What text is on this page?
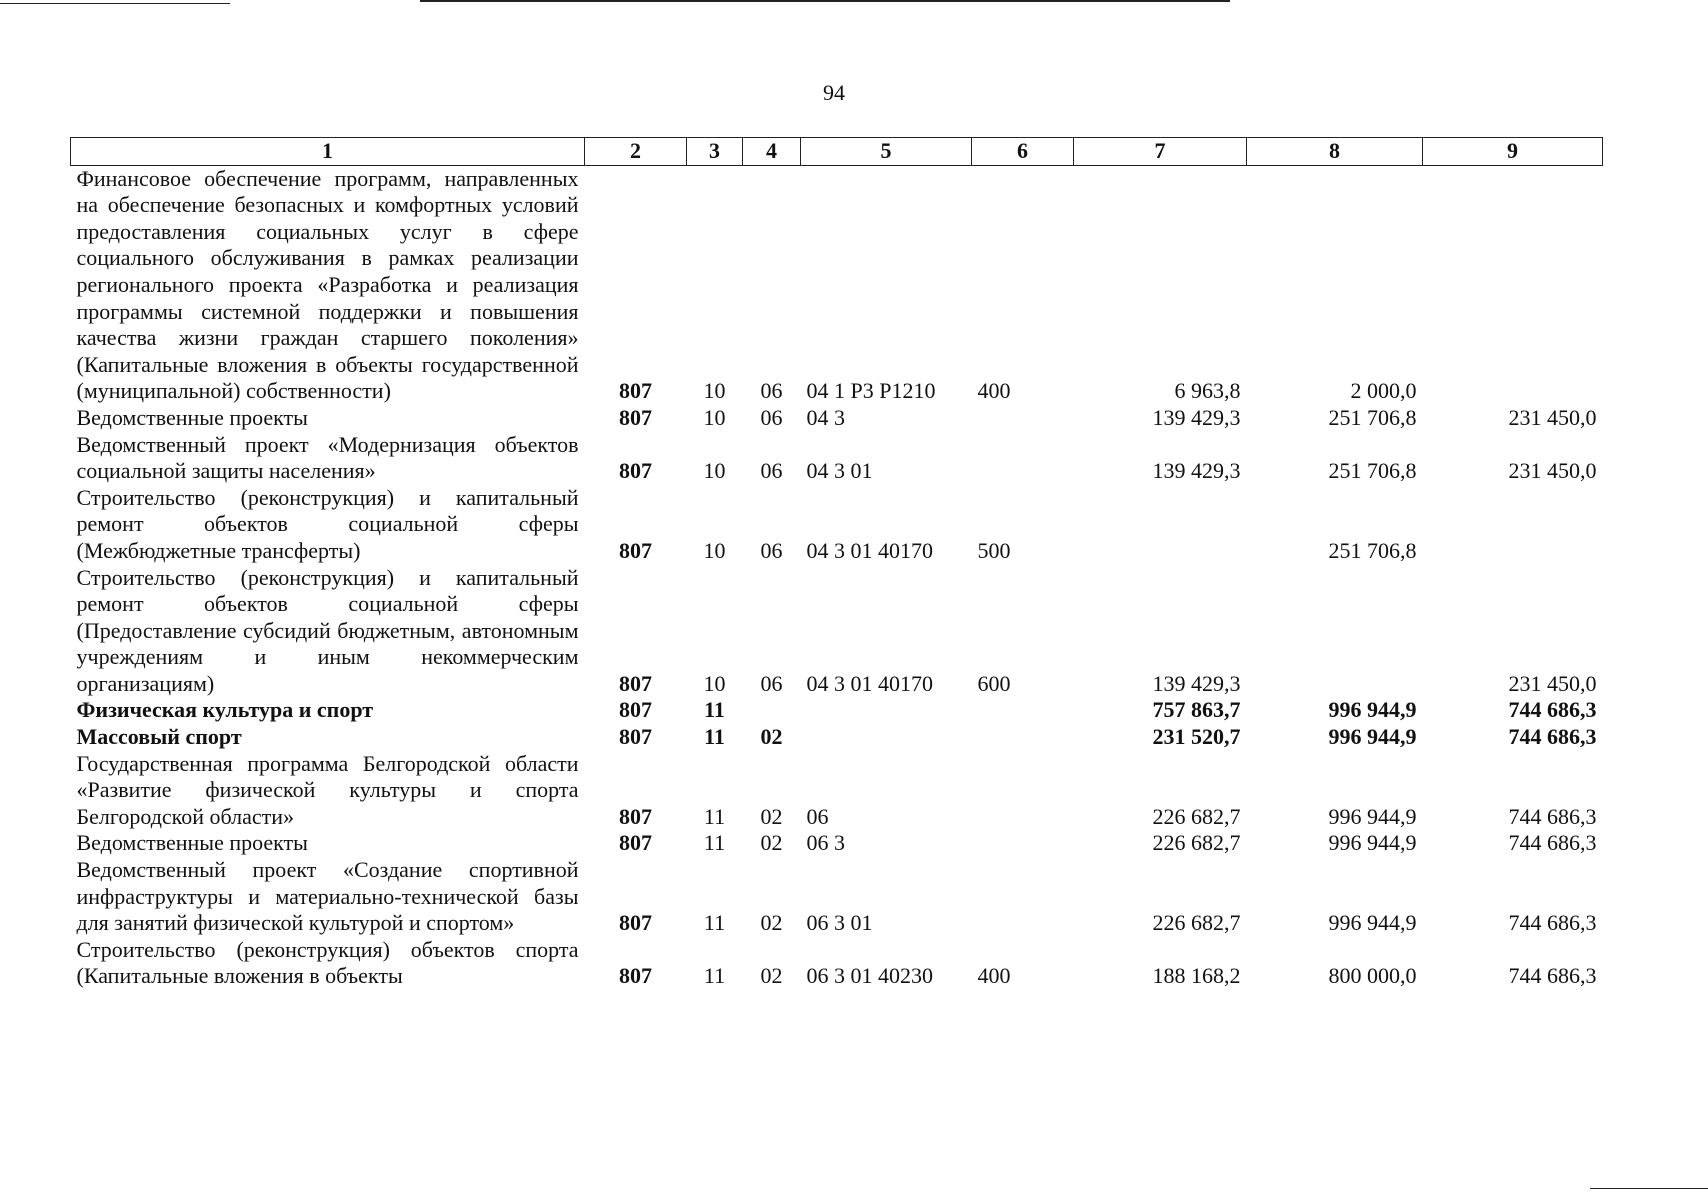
94
1	2	3	4	5	6	7	8	9
Финансовое обеспечение программ, направленных на обеспечение безопасных и комфортных условий предоставления социальных услуг в сфере социального обслуживания в рамках реализации регионального проекта «Разработка и реализация программы системной поддержки и повышения качества жизни граждан старшего поколения» (Капитальные вложения в объекты государственной (муниципальной) собственности)	807	10	06	04 1 P3 P1210	400	6 963,8	2 000,0	
Ведомственные проекты	807	10	06	04 3		139 429,3	251 706,8	231 450,0
Ведомственный проект «Модернизация объектов социальной защиты населения»	807	10	06	04 3 01		139 429,3	251 706,8	231 450,0
Строительство (реконструкция) и капитальный ремонт объектов социальной сферы (Межбюджетные трансферты)	807	10	06	04 3 01 40170	500		251 706,8	
Строительство (реконструкция) и капитальный ремонт объектов социальной сферы (Предоставление субсидий бюджетным, автономным учреждениям и иным некоммерческим организациям)	807	10	06	04 3 01 40170	600	139 429,3		231 450,0
Физическая культура и спорт	807	11				757 863,7	996 944,9	744 686,3
Массовый спорт	807	11	02			231 520,7	996 944,9	744 686,3
Государственная программа Белгородской области «Развитие физической культуры и спорта Белгородской области»	807	11	02	06		226 682,7	996 944,9	744 686,3
Ведомственные проекты	807	11	02	06 3		226 682,7	996 944,9	744 686,3
Ведомственный проект «Создание спортивной инфраструктуры и материально-технической базы для занятий физической культурой и спортом»	807	11	02	06 3 01		226 682,7	996 944,9	744 686,3
Строительство (реконструкция) объектов спорта (Капитальные вложения в объекты	807	11	02	06 3 01 40230	400	188 168,2	800 000,0	744 686,3
